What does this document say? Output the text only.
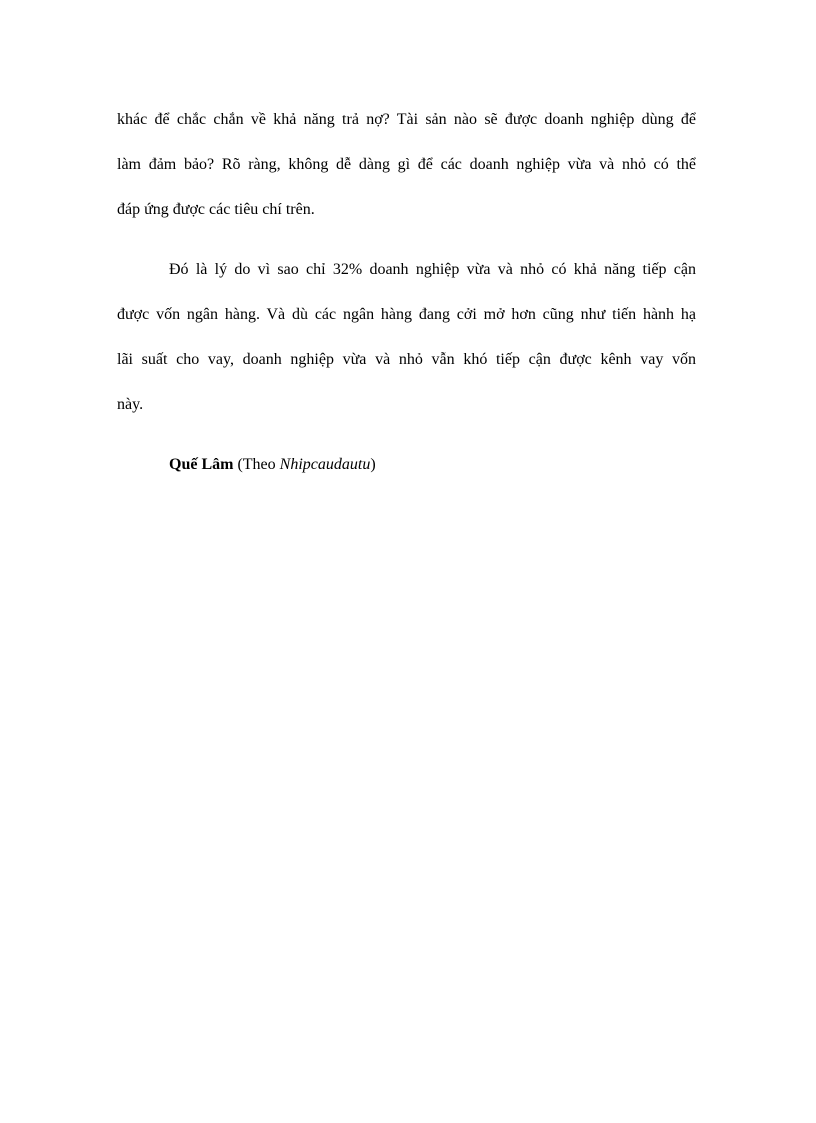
khác để chắc chắn về khả năng trả nợ? Tài sản nào sẽ được doanh nghiệp dùng để
làm đảm bảo? Rõ ràng, không dễ dàng gì để các doanh nghiệp vừa và nhỏ có thể
đáp ứng được các tiêu chí trên.
Đó là lý do vì sao chỉ 32% doanh nghiệp vừa và nhỏ có khả năng tiếp cận
được vốn ngân hàng. Và dù các ngân hàng đang cởi mở hơn cũng như tiến hành hạ
lãi suất cho vay, doanh nghiệp vừa và nhỏ vẫn khó tiếp cận được kênh vay vốn
này.

Quế Lâm (Theo Nhipcaudautu)
